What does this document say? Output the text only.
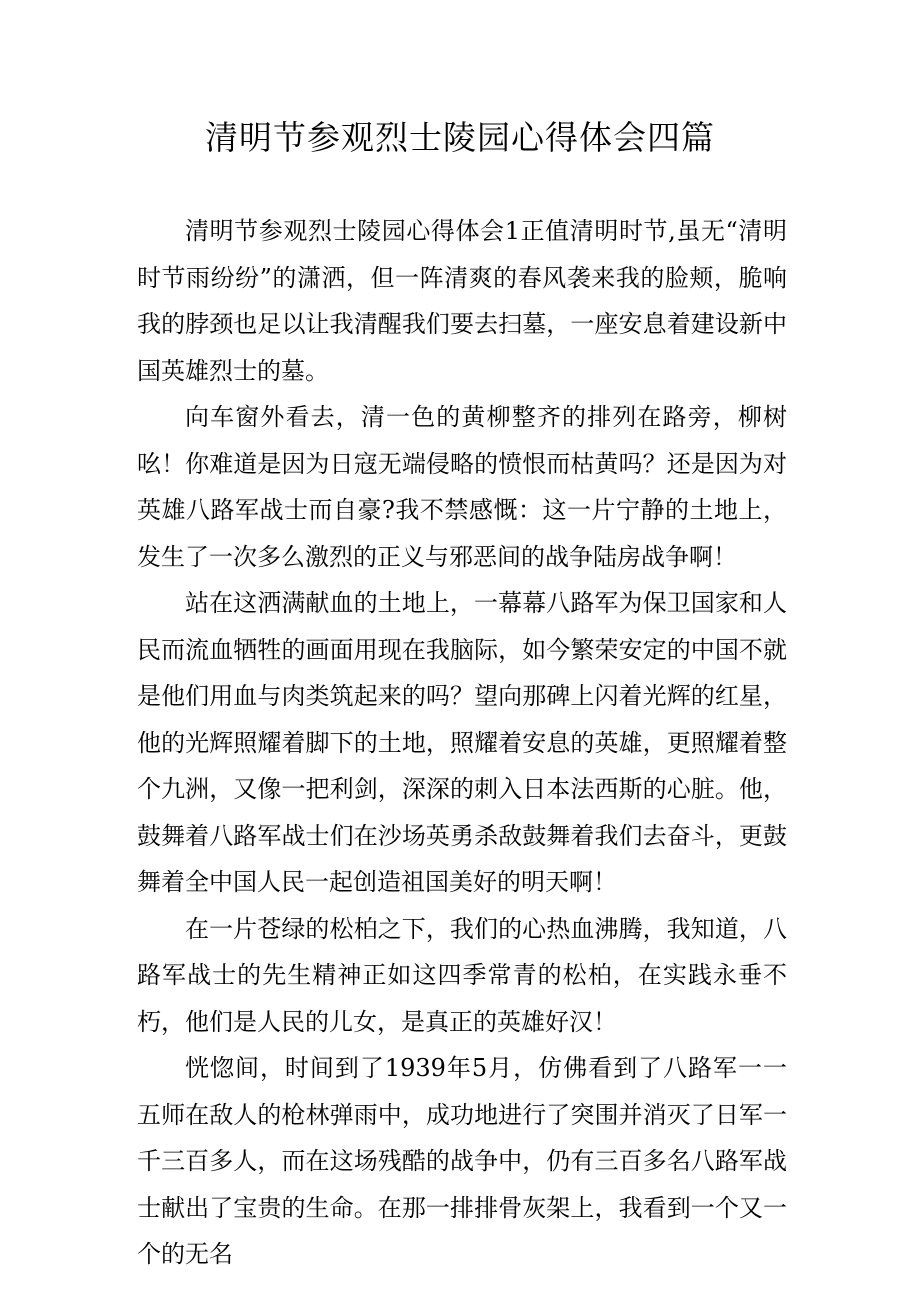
清明节参观烈士陵园心得体会四篇

清明节参观烈士陵园心得体会1正值清明时节,虽无“清明时节雨纷纷”的潇洒，但一阵清爽的春风袭来我的脸颊，脆响我的脖颈也足以让我清醒我们要去扫墓，一座安息着建设新中国英雄烈士的墓。

向车窗外看去，清一色的黄柳整齐的排列在路旁，柳树吆！你难道是因为日寇无端侵略的愤恨而枯黄吗？还是因为对英雄八路军战士而自豪?我不禁感慨：这一片宁静的土地上，发生了一次多么激烈的正义与邪恶间的战争陆房战争啊！

站在这洒满献血的土地上，一幕幕八路军为保卫国家和人民而流血牺牲的画面用现在我脑际，如今繁荣安定的中国不就是他们用血与肉类筑起来的吗？望向那碑上闪着光辉的红星，他的光辉照耀着脚下的土地，照耀着安息的英雄，更照耀着整个九洲，又像一把利剑，深深的刺入日本法西斯的心脏。他，鼓舞着八路军战士们在沙场英勇杀敌鼓舞着我们去奋斗，更鼓舞着全中国人民一起创造祖国美好的明天啊！

在一片苍绿的松柏之下，我们的心热血沸腾，我知道，八路军战士的先生精神正如这四季常青的松柏，在实践永垂不朽，他们是人民的儿女，是真正的英雄好汉！

恍惚间，时间到了1939年5月，仿佛看到了八路军一一五师在敌人的枪林弹雨中，成功地进行了突围并消灭了日军一千三百多人，而在这场残酷的战争中，仍有三百多名八路军战士献出了宝贵的生命。在那一排排骨灰架上，我看到一个又一个的无名
